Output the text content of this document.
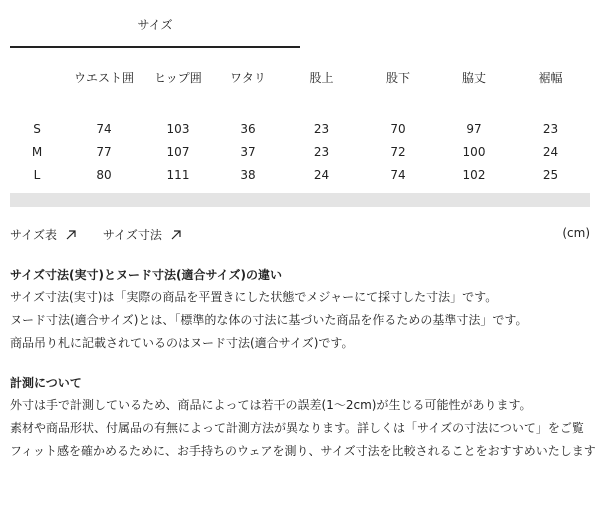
サイズ
	ウエスト囲	ヒップ囲	ワタリ	股上	股下	脇丈	裾幅

S	74	103	36	23	70	97	23
M	77	107	37	23	72	100	24
L	80	111	38	24	74	102	25

サイズ表
	サイズ寸法	(cm)
サイズ寸法(実寸)とヌード寸法(適合サイズ)の違い

サイズ寸法(実寸)は「実際の商品を平置きにした状態でメジャーにて採寸した寸法」です。

ヌード寸法(適合サイズ)とは、「標準的な体の寸法に基づいた商品を作るための基準寸法」です。

商品吊り札に記載されているのはヌード寸法(適合サイズ)です。

計測について

外寸は手で計測しているため、商品によっては若干の誤差(1〜2cm)が生じる可能性があります。

素材や商品形状、付属品の有無によって計測方法が異なります。詳しくは「サイズの寸法について」をご覧

フィット感を確かめるために、お手持ちのウェアを測り、サイズ寸法を比較されることをおすすめいたします
